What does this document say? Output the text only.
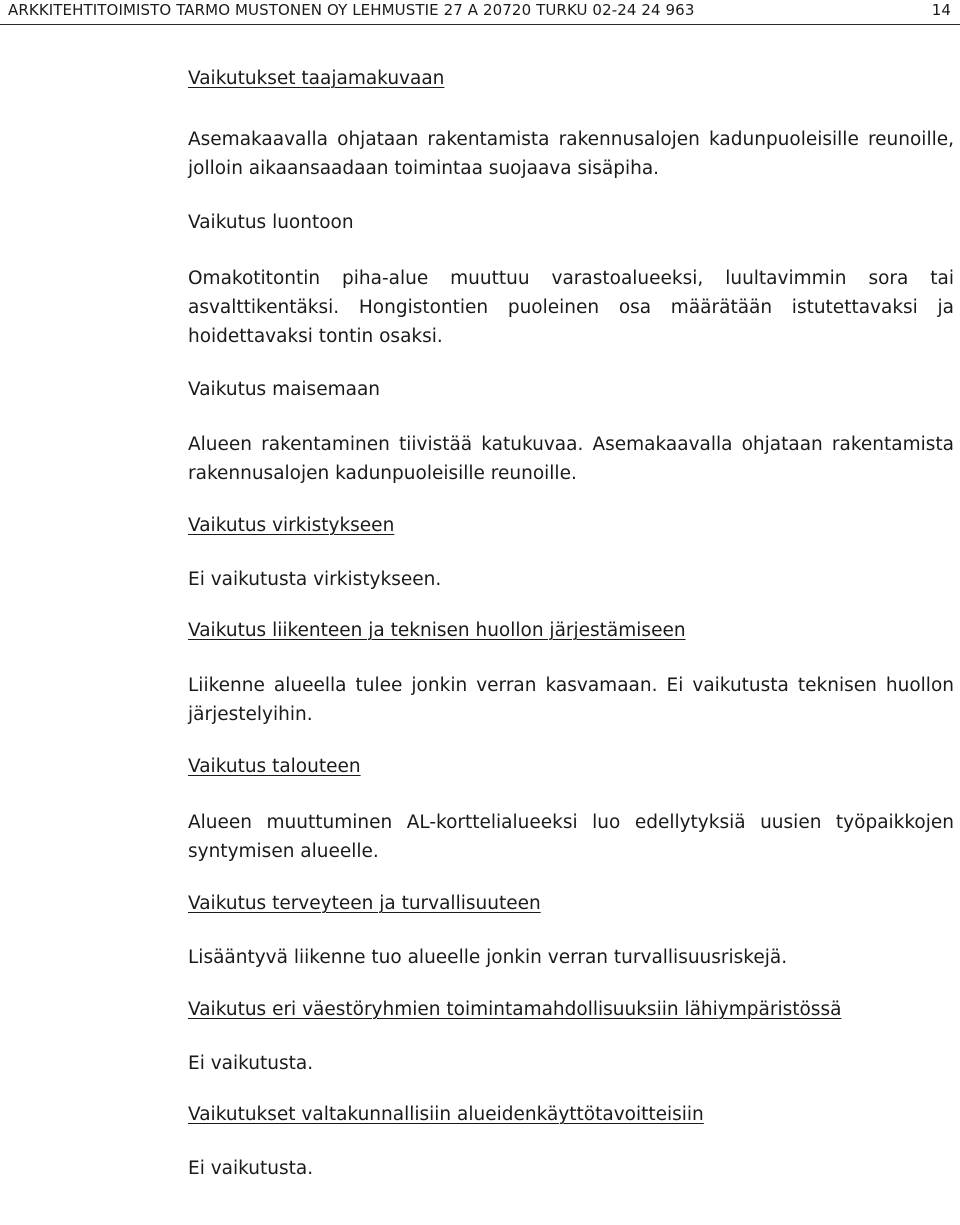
ARKKITEHTITOIMISTO TARMO MUSTONEN OY LEHMUSTIE 27 A 20720 TURKU 02-24 24 963	14
Vaikutukset taajamakuvaan

Asemakaavalla ohjataan rakentamista rakennusalojen kadunpuoleisille reunoille, jolloin aikaansaadaan toimintaa suojaava sisäpiha.

Vaikutus luontoon

Omakotitontin piha-alue muuttuu varastoalueeksi, luultavimmin sora tai asvalttikentäksi. Hongistontien puoleinen osa määrätään istutettavaksi ja hoidettavaksi tontin osaksi.

Vaikutus maisemaan

Alueen rakentaminen tiivistää katukuvaa. Asemakaavalla ohjataan rakentamista rakennusalojen kadunpuoleisille reunoille.

Vaikutus virkistykseen

Ei vaikutusta virkistykseen.

Vaikutus liikenteen ja teknisen huollon järjestämiseen

Liikenne alueella tulee jonkin verran kasvamaan. Ei vaikutusta teknisen huollon järjestelyihin.

Vaikutus talouteen

Alueen muuttuminen AL-korttelialueeksi luo edellytyksiä uusien työpaikkojen syntymisen alueelle.

Vaikutus terveyteen ja turvallisuuteen

Lisääntyvä liikenne tuo alueelle jonkin verran turvallisuusriskejä.

Vaikutus eri väestöryhmien toimintamahdollisuuksiin lähiympäristössä

Ei vaikutusta.

Vaikutukset valtakunnallisiin alueidenkäyttötavoitteisiin

Ei vaikutusta.
